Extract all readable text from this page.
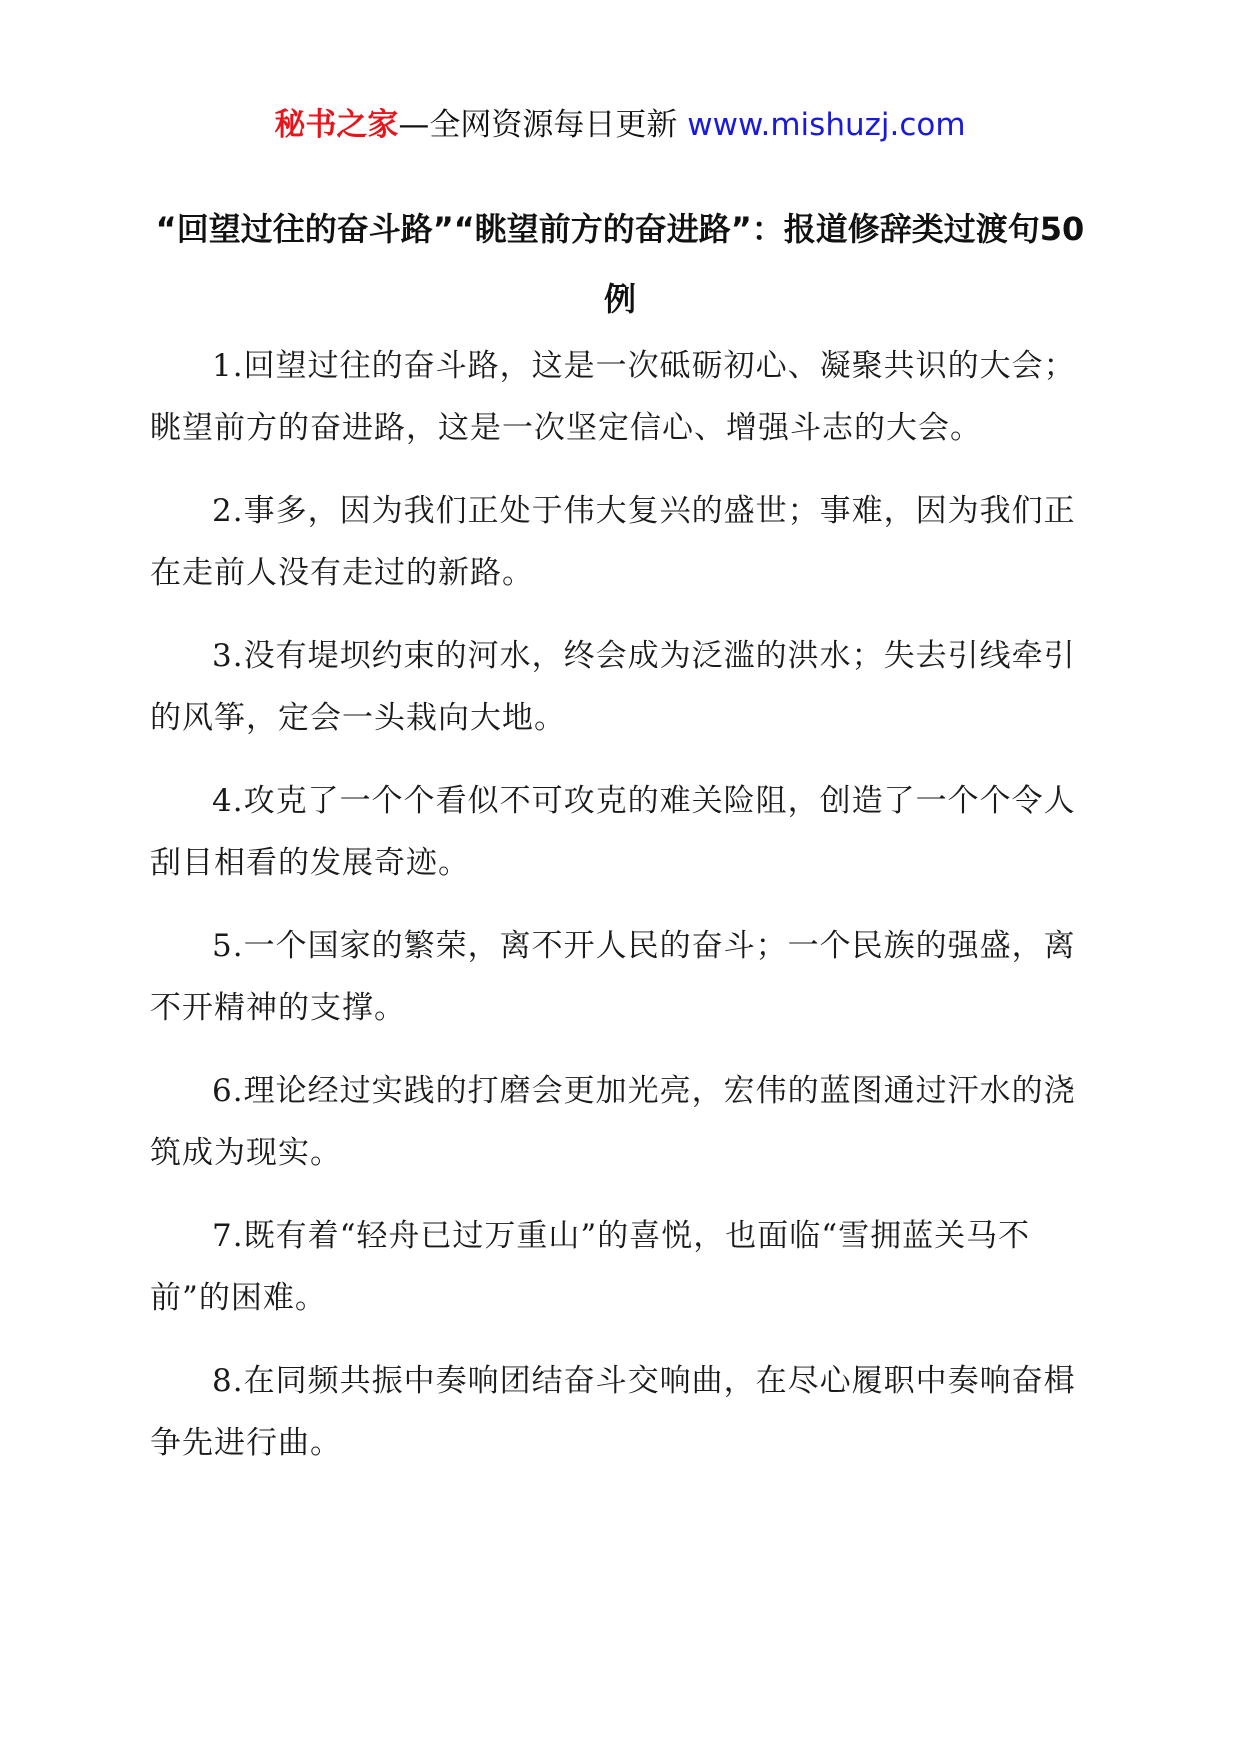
秘书之家—全网资源每日更新 www.mishuzj.com
“回望过往的奋斗路”“眺望前方的奋进路”：报道修辞类过渡句50例

1.回望过往的奋斗路，这是一次砥砺初心、凝聚共识的大会；眺望前方的奋进路，这是一次坚定信心、增强斗志的大会。

2.事多，因为我们正处于伟大复兴的盛世；事难，因为我们正在走前人没有走过的新路。

3.没有堤坝约束的河水，终会成为泛滥的洪水；失去引线牵引的风筝，定会一头栽向大地。

4.攻克了一个个看似不可攻克的难关险阻，创造了一个个令人刮目相看的发展奇迹。

5.一个国家的繁荣，离不开人民的奋斗；一个民族的强盛，离不开精神的支撑。

6.理论经过实践的打磨会更加光亮，宏伟的蓝图通过汗水的浇筑成为现实。

7.既有着“轻舟已过万重山”的喜悦，也面临“雪拥蓝关马不前”的困难。

8.在同频共振中奏响团结奋斗交响曲，在尽心履职中奏响奋楫争先进行曲。
